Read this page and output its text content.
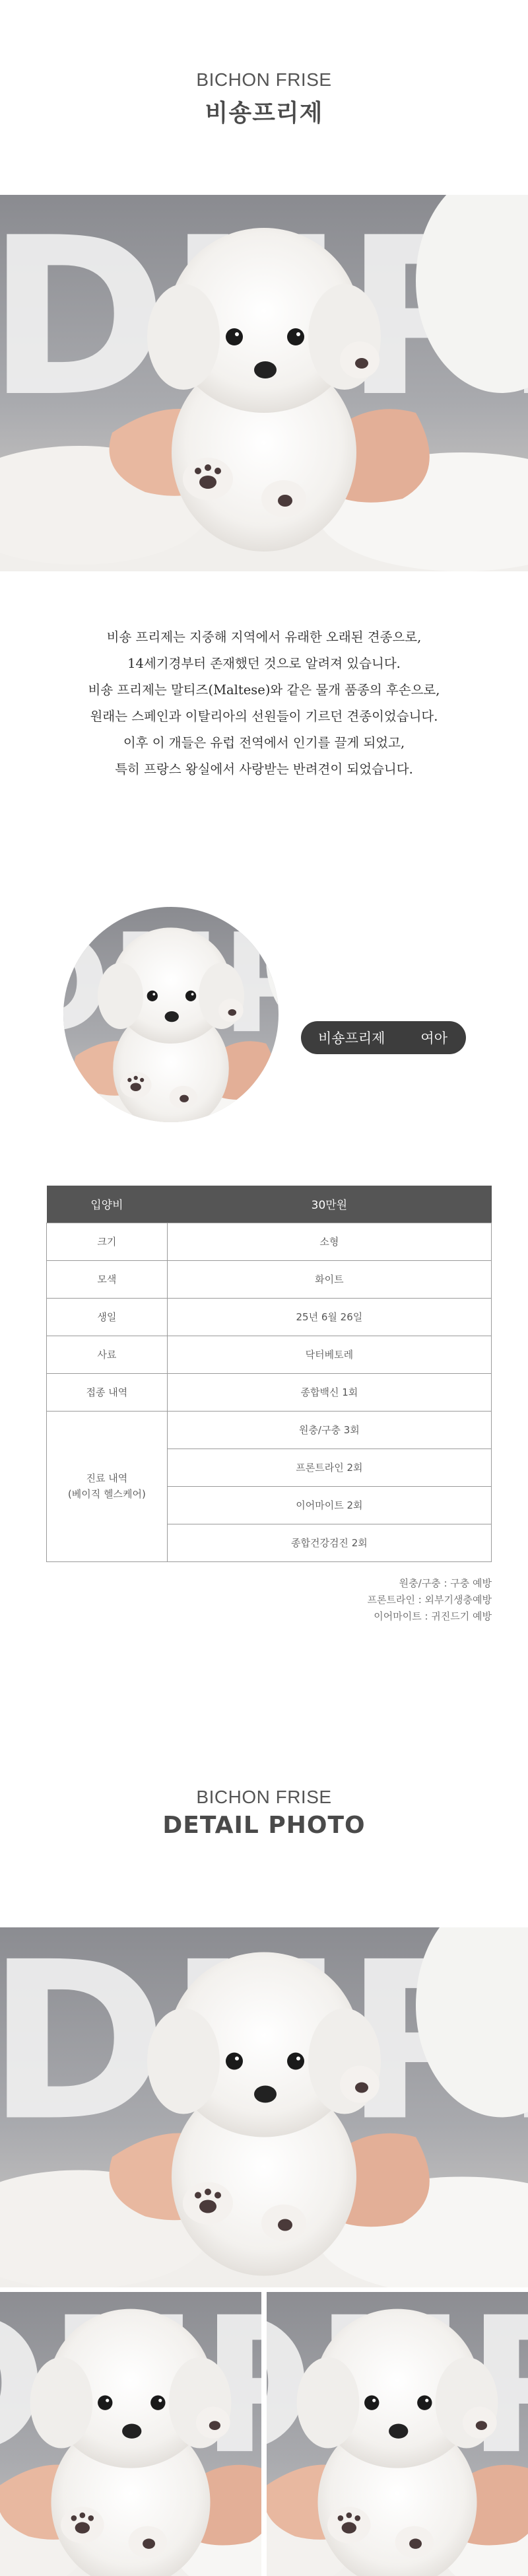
BICHON FRISE
비숑프리제
비숑 프리제는 지중해 지역에서 유래한 오래된 견종으로,
14세기경부터 존재했던 것으로 알려져 있습니다.
비숑 프리제는 말티즈(Maltese)와 같은 물개 품종의 후손으로,
원래는 스페인과 이탈리아의 선원들이 기르던 견종이었습니다.
이후 이 개들은 유럽 전역에서 인기를 끌게 되었고,
특히 프랑스 왕실에서 사랑받는 반려견이 되었습니다.
비숑프리제	여아
입양비	30만원
크기	소형
모색	화이트
생일	25년 6월 26일
사료	닥터베토레
접종 내역	종합백신 1회

진료 내역
(베이직 헬스케어)	원충/구충 3회
	프론트라인 2회
	이어마이트 2회
	종합건강검진 2회
원충/구충 : 구충 예방
프론트라인 : 외부기생충예방
이어마이트 : 귀진드기 예방
BICHON FRISE
DETAIL PHOTO
